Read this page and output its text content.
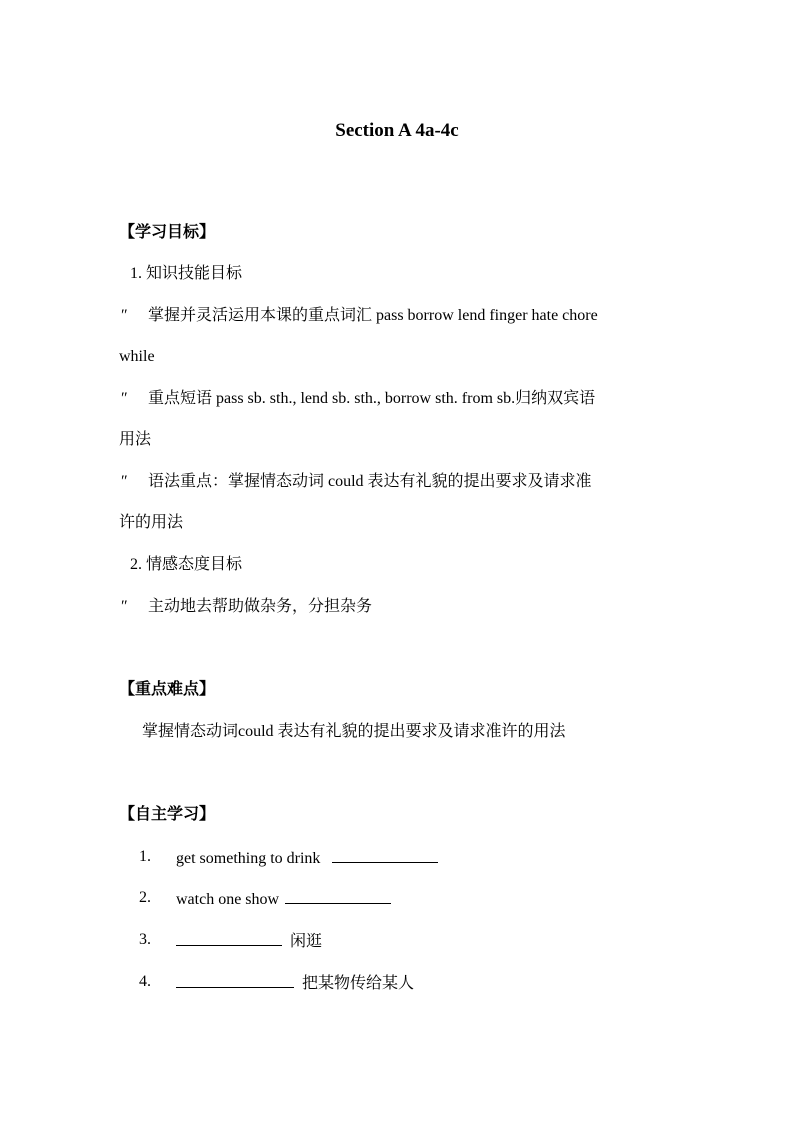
Section A 4a-4c
【学习目标】
1. 知识技能目标
″ 掌握并灵活运用本课的重点词汇 pass borrow lend finger hate chore
while
″ 重点短语 pass sb. sth., lend sb. sth., borrow sth. from sb.归纳双宾语
用法
″ 语法重点：掌握情态动词 could 表达有礼貌的提出要求及请求准
许的用法
2. 情感态度目标
″ 主动地去帮助做杂务，分担杂务
【重点难点】
掌握情态动词could 表达有礼貌的提出要求及请求准许的用法
【自主学习】
1. get something to drink
2. watch one show
3.	闲逛
4.	把某物传给某人
